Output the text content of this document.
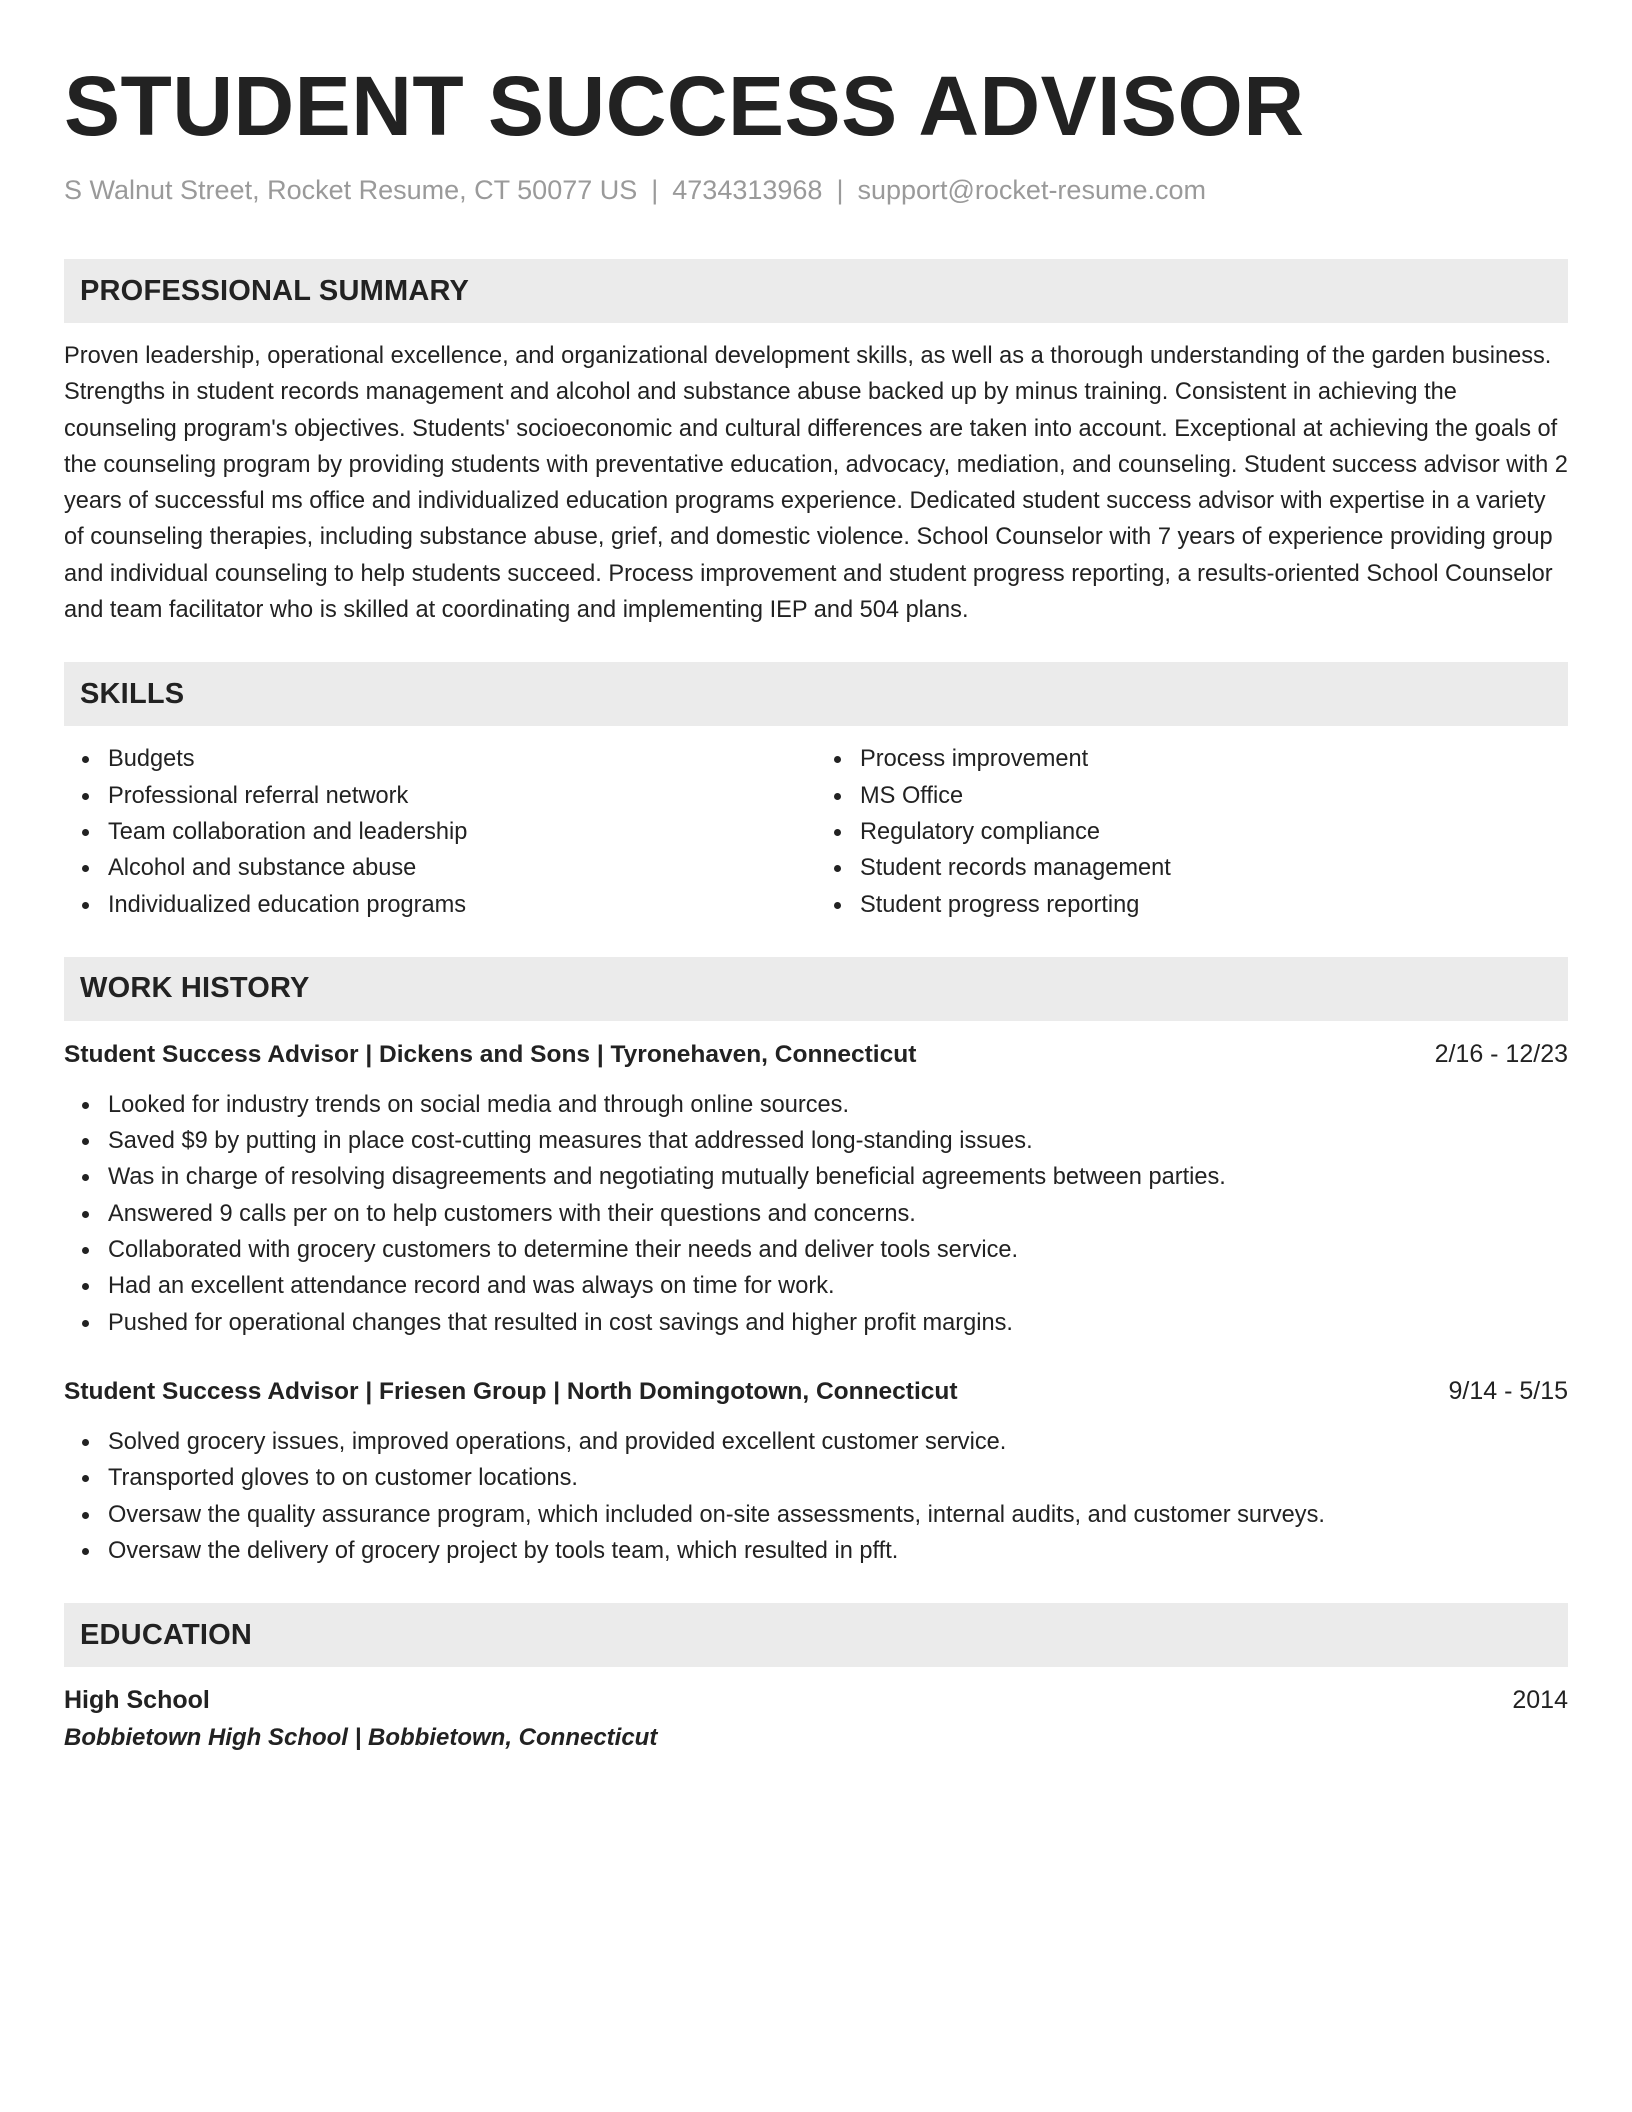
STUDENT SUCCESS ADVISOR
S Walnut Street, Rocket Resume, CT 50077 US | 4734313968 | support@rocket-resume.com
PROFESSIONAL SUMMARY

Proven leadership, operational excellence, and organizational development skills, as well as a thorough understanding of the garden business. Strengths in student records management and alcohol and substance abuse backed up by minus training. Consistent in achieving the counseling program's objectives. Students' socioeconomic and cultural differences are taken into account. Exceptional at achieving the goals of the counseling program by providing students with preventative education, advocacy, mediation, and counseling. Student success advisor with 2 years of successful ms office and individualized education programs experience. Dedicated student success advisor with expertise in a variety of counseling therapies, including substance abuse, grief, and domestic violence. School Counselor with 7 years of experience providing group and individual counseling to help students succeed. Process improvement and student progress reporting, a results-oriented School Counselor and team facilitator who is skilled at coordinating and implementing IEP and 504 plans.

SKILLS
Budgets
Professional referral network
Team collaboration and leadership
Alcohol and substance abuse
Individualized education programs
Process improvement
MS Office
Regulatory compliance
Student records management
Student progress reporting
WORK HISTORY
Student Success Advisor | Dickens and Sons | Tyronehaven, Connecticut	2/16 - 12/23
Looked for industry trends on social media and through online sources.
Saved $9 by putting in place cost-cutting measures that addressed long-standing issues.
Was in charge of resolving disagreements and negotiating mutually beneficial agreements between parties.
Answered 9 calls per on to help customers with their questions and concerns.
Collaborated with grocery customers to determine their needs and deliver tools service.
Had an excellent attendance record and was always on time for work.
Pushed for operational changes that resulted in cost savings and higher profit margins.
Student Success Advisor | Friesen Group | North Domingotown, Connecticut	9/14 - 5/15
Solved grocery issues, improved operations, and provided excellent customer service.
Transported gloves to on customer locations.
Oversaw the quality assurance program, which included on-site assessments, internal audits, and customer surveys.
Oversaw the delivery of grocery project by tools team, which resulted in pfft.
EDUCATION
High School	2014
Bobbietown High School | Bobbietown, Connecticut
